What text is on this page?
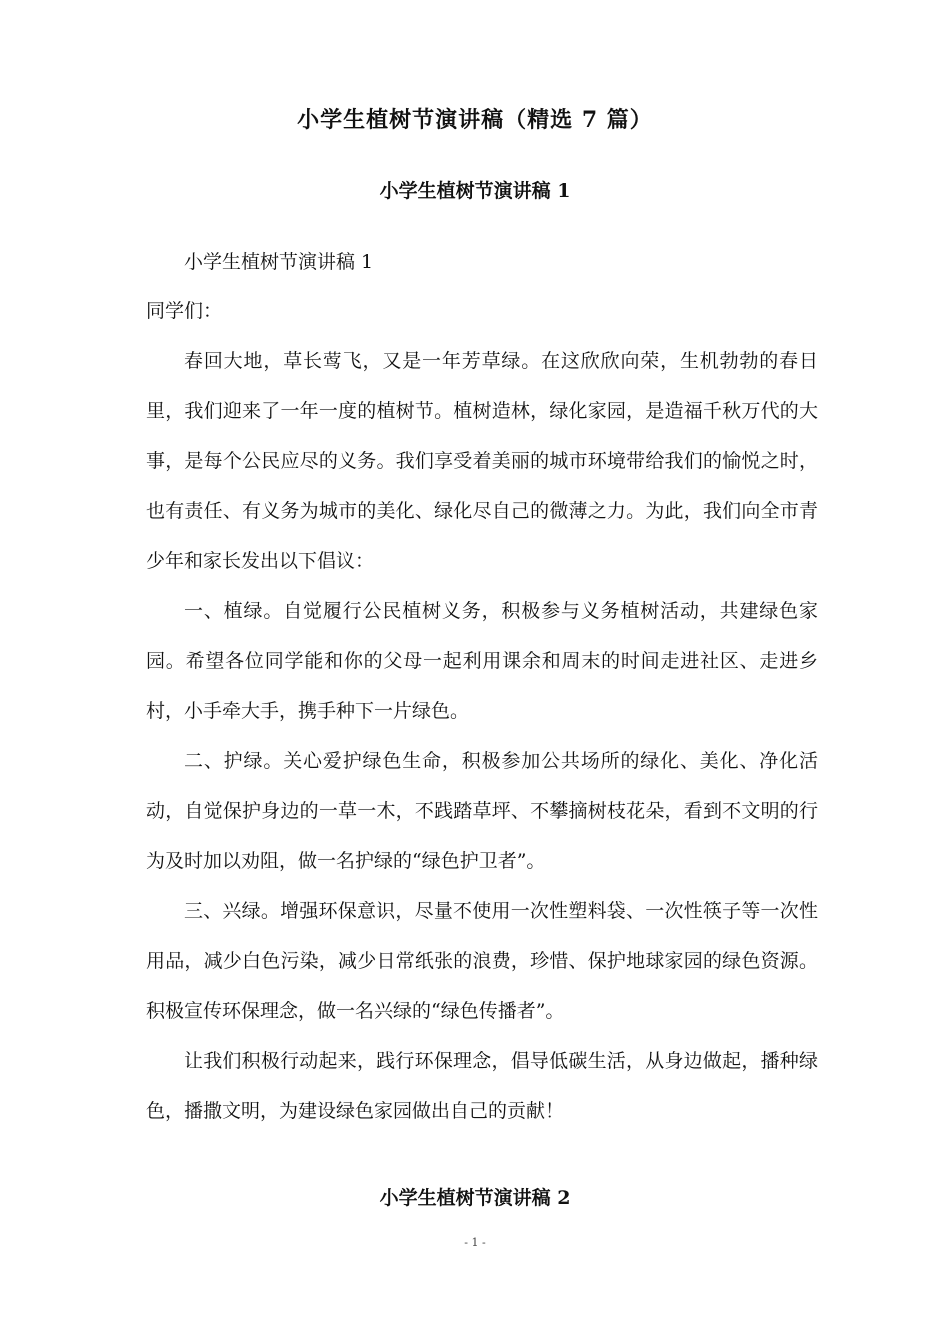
小学生植树节演讲稿（精选 7 篇）
小学生植树节演讲稿 1

小学生植树节演讲稿 1

同学们：

春回大地，草长莺飞，又是一年芳草绿。在这欣欣向荣，生机勃勃的春日里，我们迎来了一年一度的植树节。植树造林，绿化家园，是造福千秋万代的大事，是每个公民应尽的义务。我们享受着美丽的城市环境带给我们的愉悦之时，也有责任、有义务为城市的美化、绿化尽自己的微薄之力。为此，我们向全市青少年和家长发出以下倡议：

一、植绿。自觉履行公民植树义务，积极参与义务植树活动，共建绿色家园。希望各位同学能和你的父母一起利用课余和周末的时间走进社区、走进乡村，小手牵大手，携手种下一片绿色。

二、护绿。关心爱护绿色生命，积极参加公共场所的绿化、美化、净化活动，自觉保护身边的一草一木，不践踏草坪、不攀摘树枝花朵，看到不文明的行为及时加以劝阻，做一名护绿的“绿色护卫者”。

三、兴绿。增强环保意识，尽量不使用一次性塑料袋、一次性筷子等一次性用品，减少白色污染，减少日常纸张的浪费，珍惜、保护地球家园的绿色资源。积极宣传环保理念，做一名兴绿的“绿色传播者”。

让我们积极行动起来，践行环保理念，倡导低碳生活，从身边做起，播种绿色，播撒文明，为建设绿色家园做出自己的贡献！

小学生植树节演讲稿 2
- 1 -
